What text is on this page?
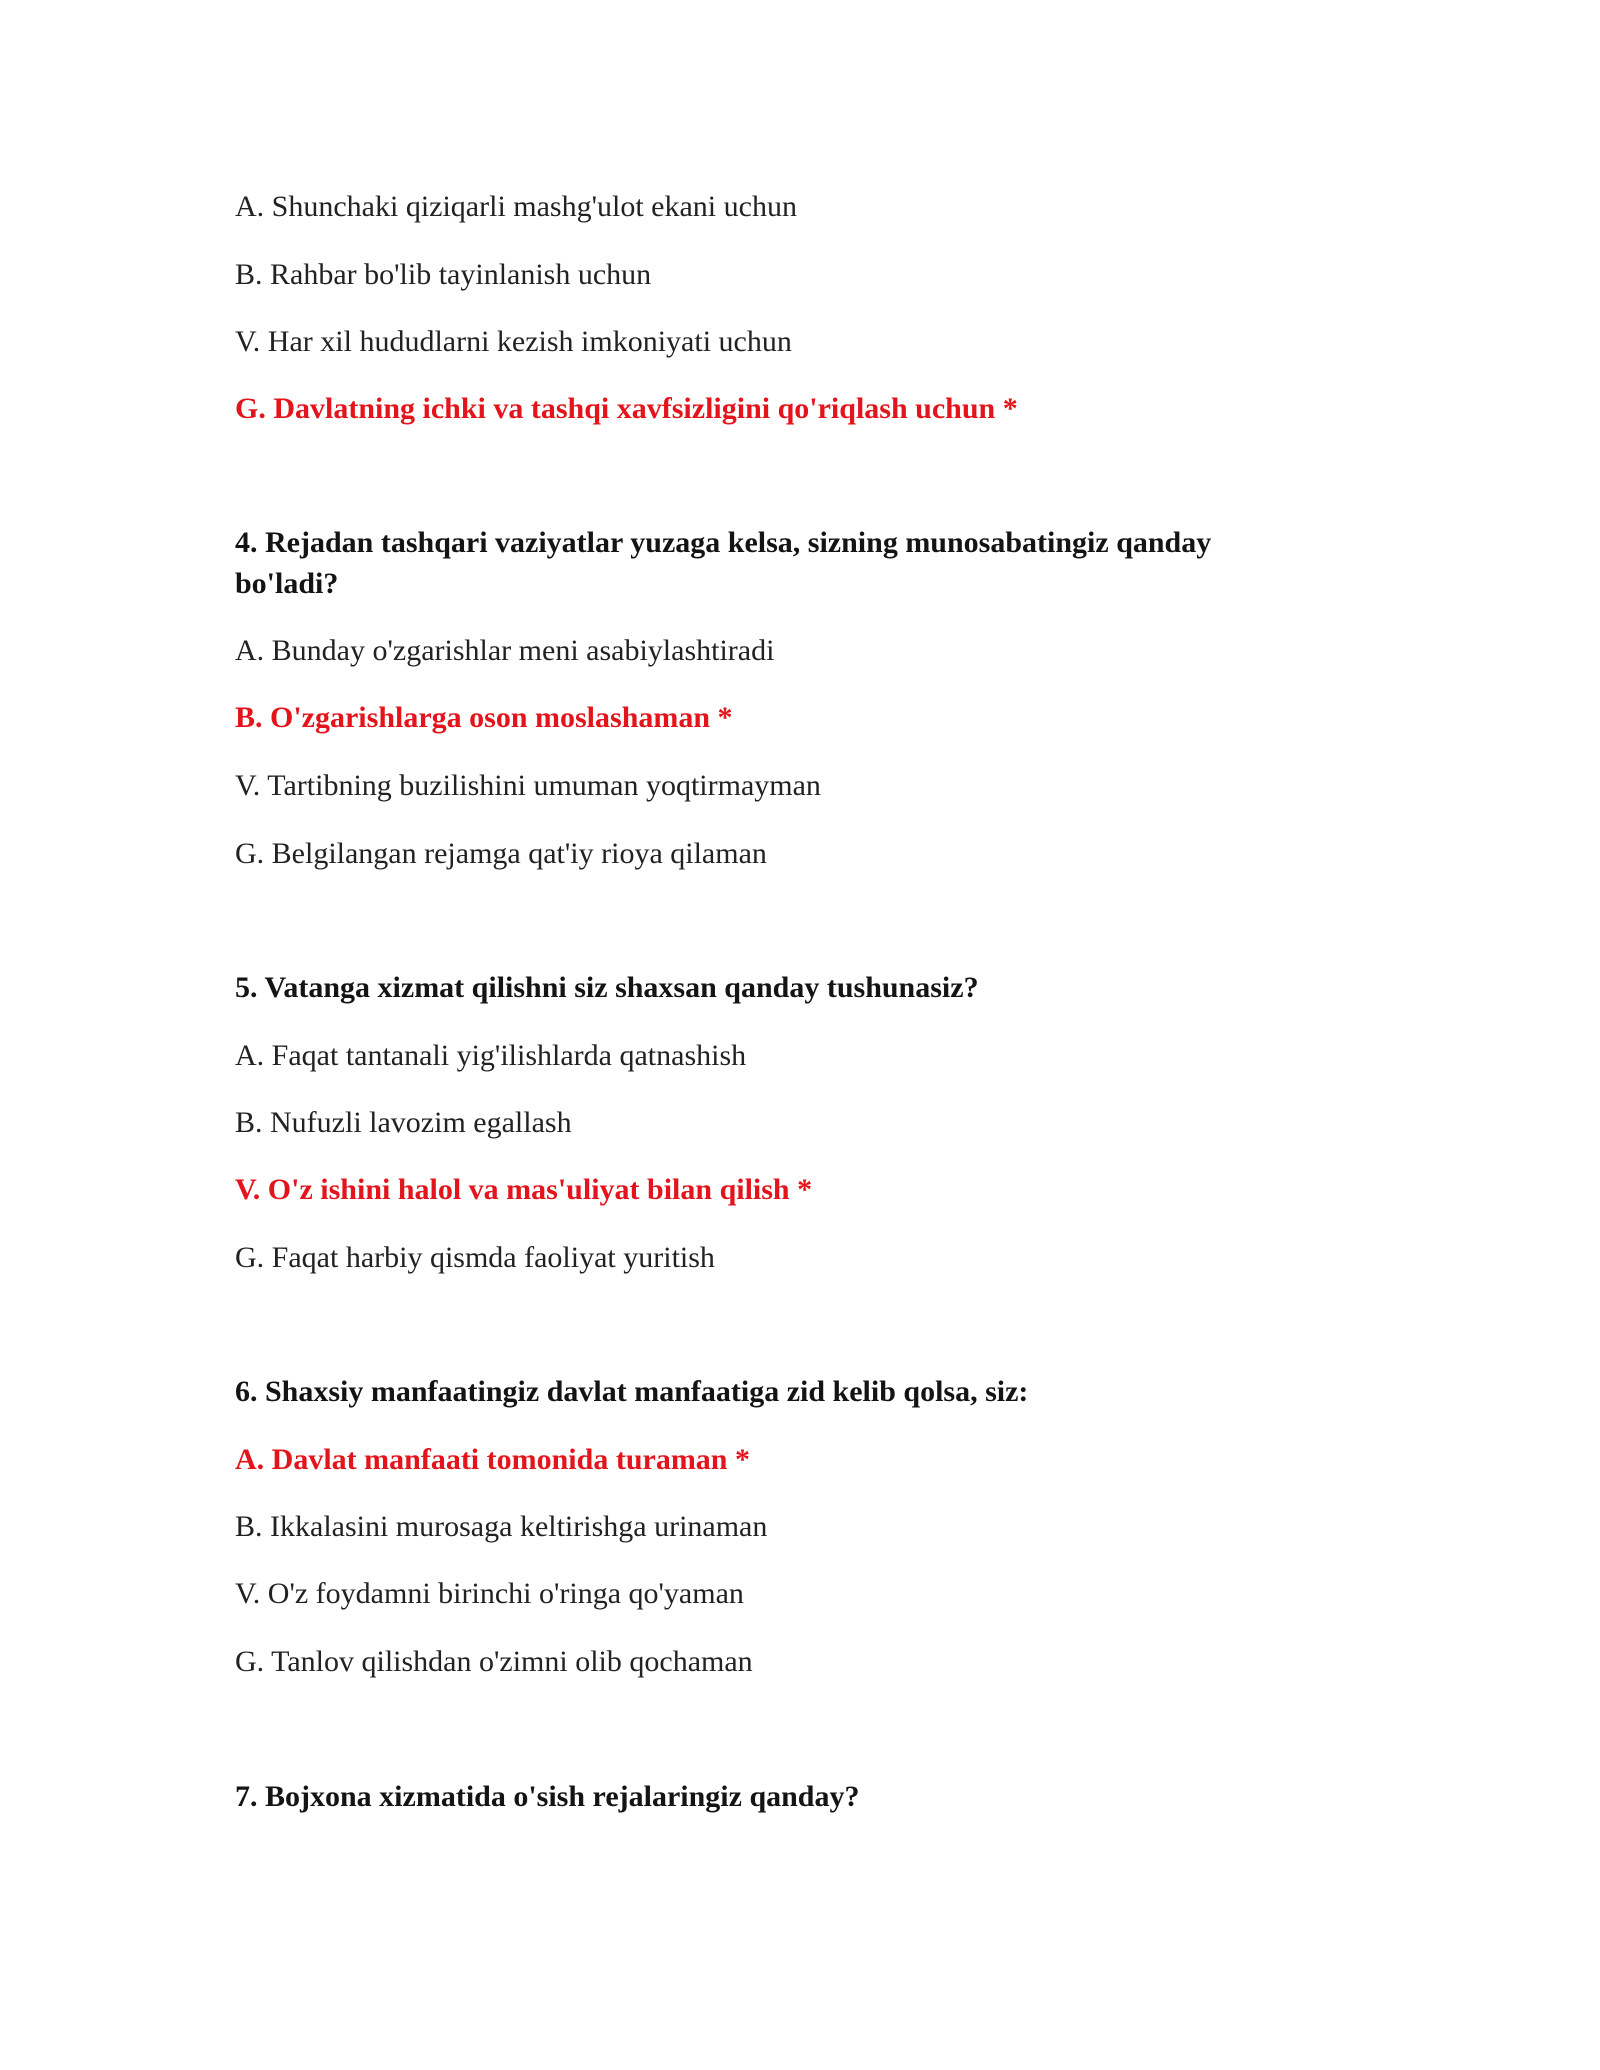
A. Shunchaki qiziqarli mashg'ulot ekani uchun
B. Rahbar bo'lib tayinlanish uchun
V. Har xil hududlarni kezish imkoniyati uchun
G. Davlatning ichki va tashqi xavfsizligini qo'riqlash uchun *
4. Rejadan tashqari vaziyatlar yuzaga kelsa, sizning munosabatingiz qanday
bo'ladi?
A. Bunday o'zgarishlar meni asabiylashtiradi
B. O'zgarishlarga oson moslashaman *
V. Tartibning buzilishini umuman yoqtirmayman
G. Belgilangan rejamga qat'iy rioya qilaman
5. Vatanga xizmat qilishni siz shaxsan qanday tushunasiz?
A. Faqat tantanali yig'ilishlarda qatnashish
B. Nufuzli lavozim egallash
V. O'z ishini halol va mas'uliyat bilan qilish *
G. Faqat harbiy qismda faoliyat yuritish
6. Shaxsiy manfaatingiz davlat manfaatiga zid kelib qolsa, siz:
A. Davlat manfaati tomonida turaman *
B. Ikkalasini murosaga keltirishga urinaman
V. O'z foydamni birinchi o'ringa qo'yaman
G. Tanlov qilishdan o'zimni olib qochaman
7. Bojxona xizmatida o'sish rejalaringiz qanday?
